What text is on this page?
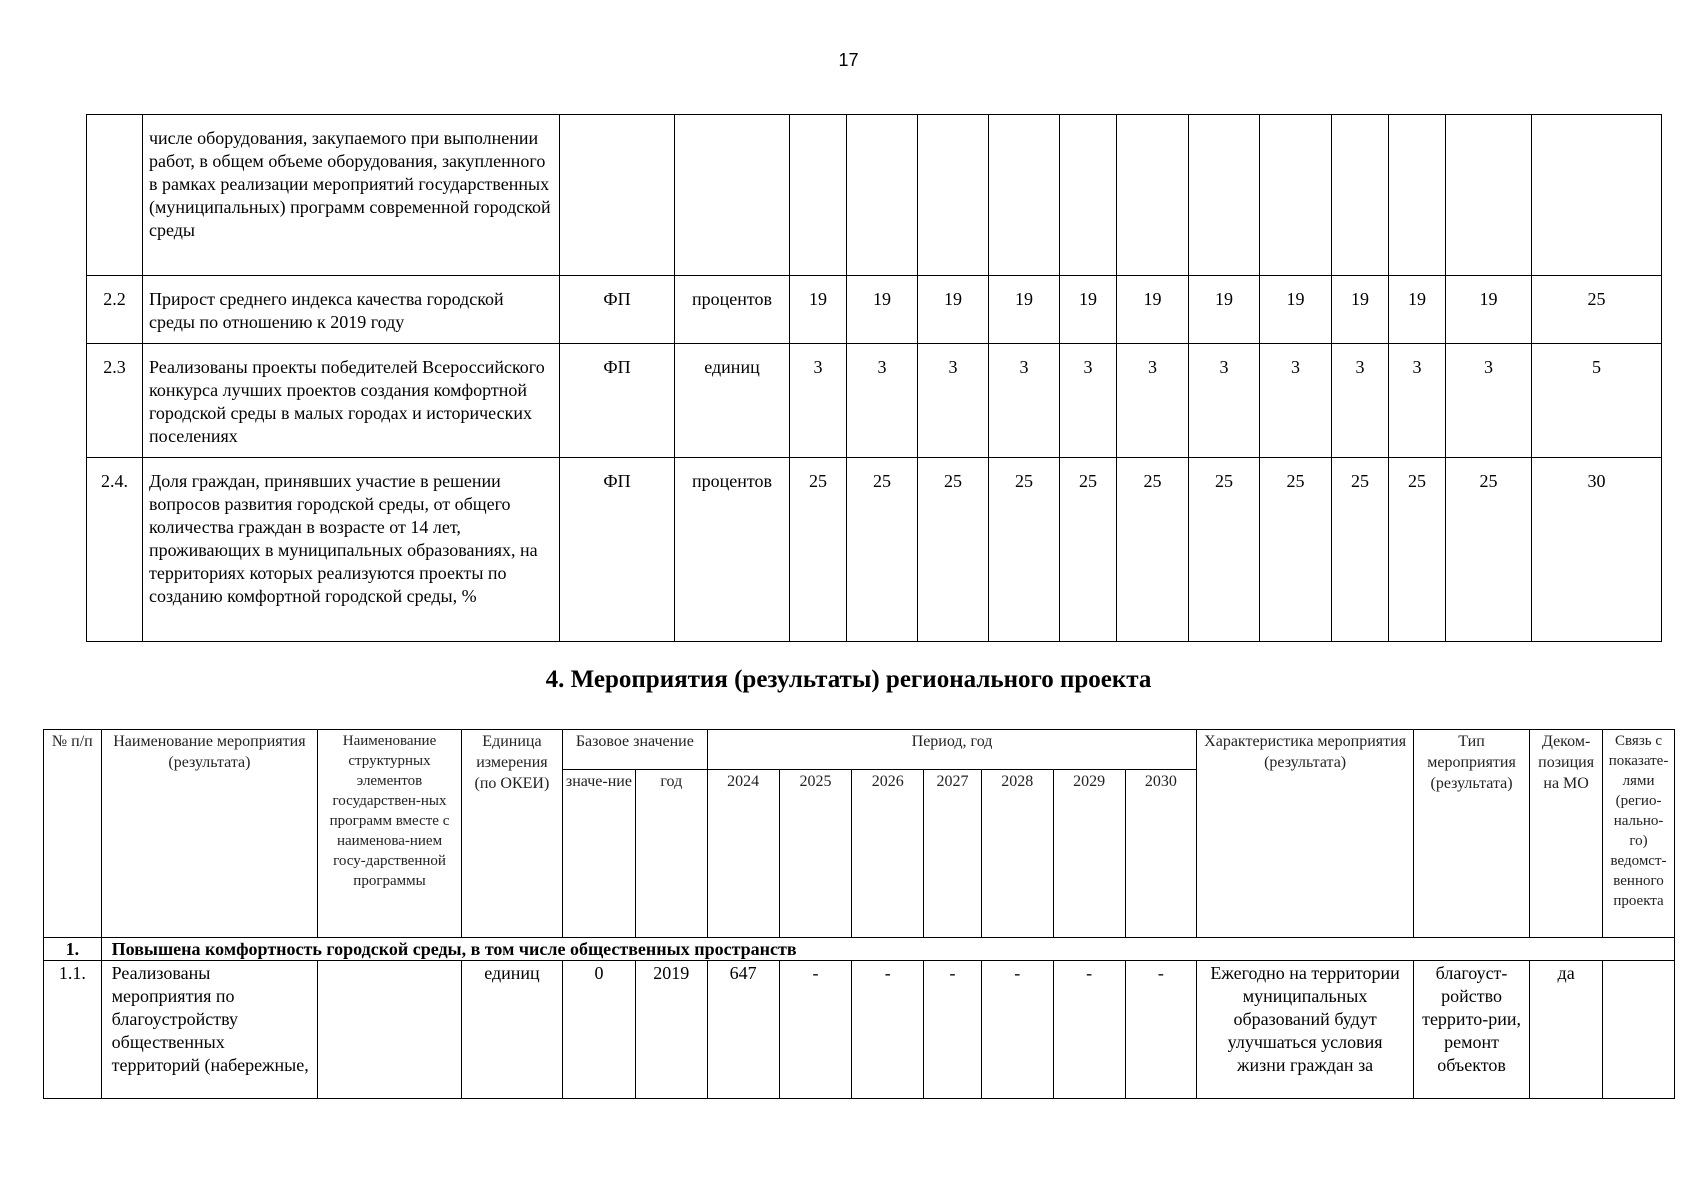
17
	числе оборудования, закупаемого при выполнении работ, в общем объеме оборудования, закупленного в рамках реализации мероприятий государственных (муниципальных) программ современной городской среды														
2.2	Прирост среднего индекса качества городской среды по отношению к 2019 году	ФП	процентов	19	19	19	19	19	19	19	19	19	19	19	25
2.3	Реализованы проекты победителей Всероссийского конкурса лучших проектов создания комфортной городской среды в малых городах и исторических поселениях	ФП	единиц	3	3	3	3	3	3	3	3	3	3	3	5
2.4.	Доля граждан, принявших участие в решении вопросов развития городской среды, от общего количества граждан в возрасте от 14 лет, проживающих в муниципальных образованиях, на территориях которых реализуются проекты по созданию комфортной городской среды, %	ФП	процентов	25	25	25	25	25	25	25	25	25	25	25	30
4. Мероприятия (результаты) регионального проекта
№ п/п	Наименование мероприятия (результата)	Наименование структурных элементов государствен-ных программ вместе с наименова-нием госу-дарственной программы	Единица измерения (по ОКЕИ)	Базовое значение		Период, год							Характеристика мероприятия (результата)	Тип мероприятия (результата)	Деком-позиция на МО	Связь с показате-лями (регио-нально-го) ведомст-венного проекта
				значе-ние	год	2024	2025	2026	2027	2028	2029	2030				
1.	Повышена комфортность городской среды, в том числе общественных пространств															
1.1.	Реализованы мероприятия по благоустройству общественных территорий (набережные,		единиц	0	2019	647	-	-	-	-	-	-	Ежегодно на территории муниципальных образований будут улучшаться условия жизни граждан за	благоуст-ройство террито-рии, ремонт объектов	да	
